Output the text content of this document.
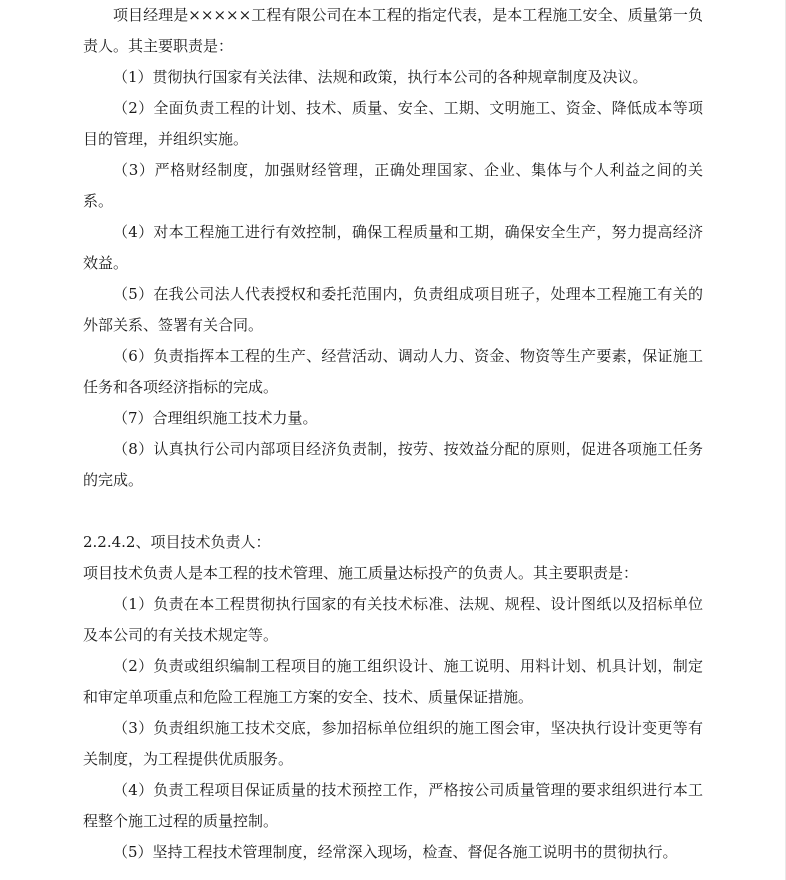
项目经理是×××××工程有限公司在本工程的指定代表，是本工程施工安全、质量第一负责人。其主要职责是：

（1）贯彻执行国家有关法律、法规和政策，执行本公司的各种规章制度及决议。

（2）全面负责工程的计划、技术、质量、安全、工期、文明施工、资金、降低成本等项目的管理，并组织实施。

（3）严格财经制度，加强财经管理，正确处理国家、企业、集体与个人利益之间的关系。

（4）对本工程施工进行有效控制，确保工程质量和工期，确保安全生产，努力提高经济效益。

（5）在我公司法人代表授权和委托范围内，负责组成项目班子，处理本工程施工有关的外部关系、签署有关合同。

（6）负责指挥本工程的生产、经营活动、调动人力、资金、物资等生产要素，保证施工任务和各项经济指标的完成。

（7）合理组织施工技术力量。

（8）认真执行公司内部项目经济负责制，按劳、按效益分配的原则，促进各项施工任务的完成。

2.2.4.2、项目技术负责人：

项目技术负责人是本工程的技术管理、施工质量达标投产的负责人。其主要职责是：

（1）负责在本工程贯彻执行国家的有关技术标准、法规、规程、设计图纸以及招标单位及本公司的有关技术规定等。

（2）负责或组织编制工程项目的施工组织设计、施工说明、用料计划、机具计划，制定和审定单项重点和危险工程施工方案的安全、技术、质量保证措施。

（3）负责组织施工技术交底，参加招标单位组织的施工图会审，坚决执行设计变更等有关制度，为工程提供优质服务。

（4）负责工程项目保证质量的技术预控工作，严格按公司质量管理的要求组织进行本工程整个施工过程的质量控制。

（5）坚持工程技术管理制度，经常深入现场，检查、督促各施工说明书的贯彻执行。
